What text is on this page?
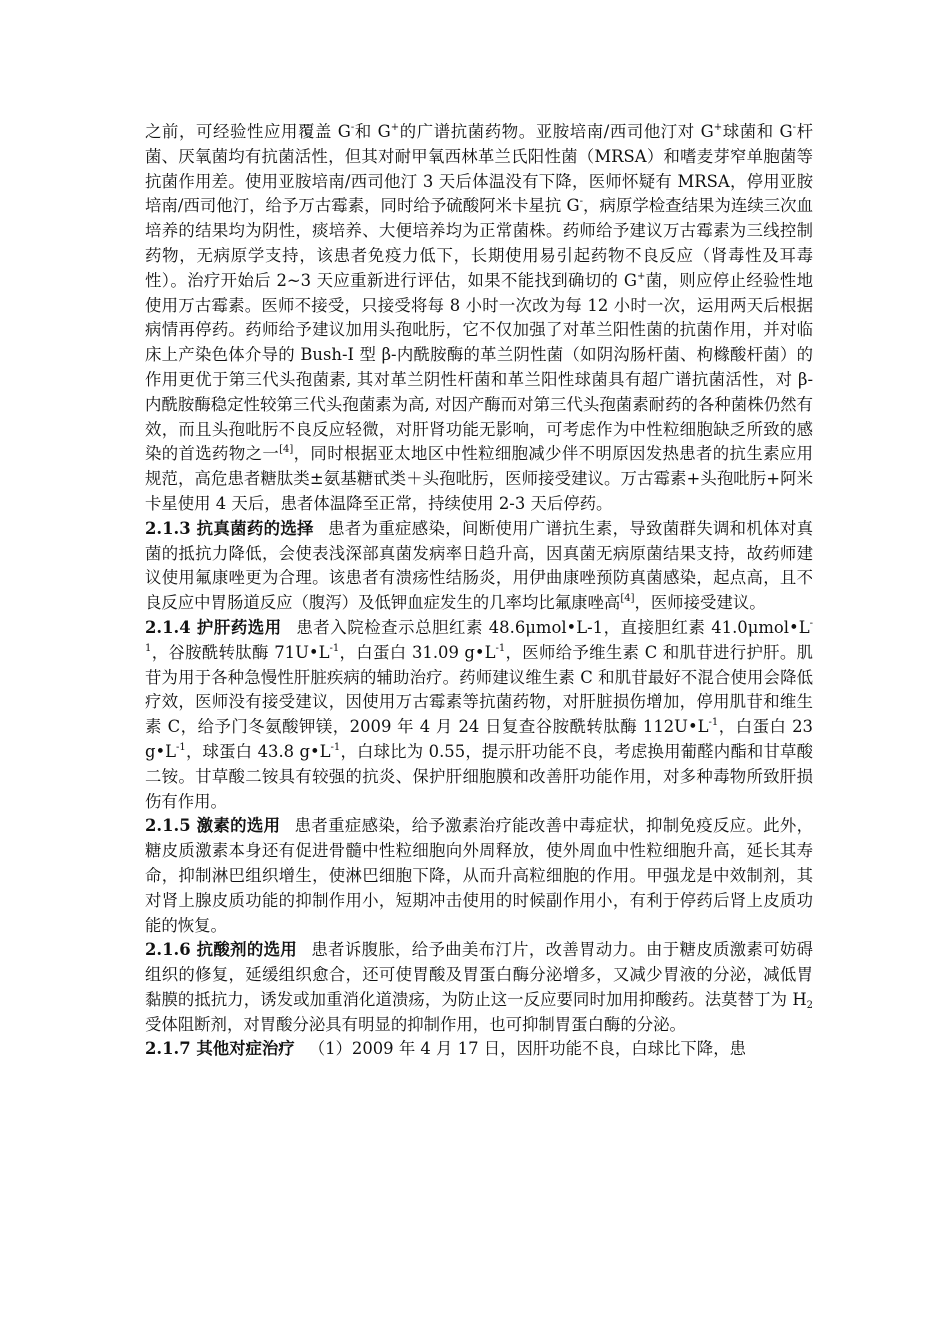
之前，可经验性应用覆盖 G-和 G+的广谱抗菌药物。亚胺培南/西司他汀对 G+球菌和 G-杆菌、厌氧菌均有抗菌活性，但其对耐甲氧西林革兰氏阳性菌（MRSA）和嗜麦芽窄单胞菌等抗菌作用差。使用亚胺培南/西司他汀 3 天后体温没有下降，医师怀疑有 MRSA，停用亚胺培南/西司他汀，给予万古霉素，同时给予硫酸阿米卡星抗 G-，病原学检查结果为连续三次血培养的结果均为阴性，痰培养、大便培养均为正常菌株。药师给予建议万古霉素为三线控制药物，无病原学支持，该患者免疫力低下，长期使用易引起药物不良反应（肾毒性及耳毒性）。治疗开始后 2~3 天应重新进行评估，如果不能找到确切的 G+菌，则应停止经验性地使用万古霉素。医师不接受，只接受将每 8 小时一次改为每 12 小时一次，运用两天后根据病情再停药。药师给予建议加用头孢吡肟，它不仅加强了对革兰阳性菌的抗菌作用，并对临床上产染色体介导的 Bush-I 型 β-内酰胺酶的革兰阴性菌（如阴沟肠杆菌、枸橼酸杆菌）的作用更优于第三代头孢菌素, 其对革兰阴性杆菌和革兰阳性球菌具有超广谱抗菌活性，对 β-内酰胺酶稳定性较第三代头孢菌素为高, 对因产酶而对第三代头孢菌素耐药的各种菌株仍然有效，而且头孢吡肟不良反应轻微，对肝肾功能无影响，可考虑作为中性粒细胞缺乏所致的感染的首选药物之一[4]，同时根据亚太地区中性粒细胞减少伴不明原因发热患者的抗生素应用规范，高危患者糖肽类±氨基糖甙类＋头孢吡肟，医师接受建议。万古霉素+头孢吡肟+阿米卡星使用 4 天后，患者体温降至正常，持续使用 2-3 天后停药。

2.1.3 抗真菌药的选择 患者为重症感染，间断使用广谱抗生素，导致菌群失调和机体对真菌的抵抗力降低，会使表浅深部真菌发病率日趋升高，因真菌无病原菌结果支持，故药师建议使用氟康唑更为合理。该患者有溃疡性结肠炎，用伊曲康唑预防真菌感染，起点高，且不良反应中胃肠道反应（腹泻）及低钾血症发生的几率均比氟康唑高[4]，医师接受建议。

2.1.4 护肝药选用 患者入院检查示总胆红素 48.6μmol•L-1，直接胆红素 $41.0\mu mol•L^{-1}$，谷胺酰转肽酶 $71U•L^{-1}$，白蛋白 31.09 $g•L^{-1}$，医师给予维生素 C 和肌苷进行护肝。肌苷为用于各种急慢性肝脏疾病的辅助治疗。药师建议维生素 C 和肌苷最好不混合使用会降低疗效，医师没有接受建议，因使用万古霉素等抗菌药物，对肝脏损伤增加，停用肌苷和维生素 C，给予门冬氨酸钾镁，2009 年 4 月 24 日复查谷胺酰转肽酶 $112U•L^{-1}$，白蛋白 23 $g•L^{-1}$，球蛋白 43.8 $g•L^{-1}$，白球比为 0.55，提示肝功能不良，考虑换用葡醛内酯和甘草酸二铵。甘草酸二铵具有较强的抗炎、保护肝细胞膜和改善肝功能作用，对多种毒物所致肝损伤有作用。

2.1.5 激素的选用 患者重症感染，给予激素治疗能改善中毒症状，抑制免疫反应。此外，糖皮质激素本身还有促进骨髓中性粒细胞向外周释放，使外周血中性粒细胞升高，延长其寿命，抑制淋巴组织增生，使淋巴细胞下降，从而升高粒细胞的作用。甲强龙是中效制剂，其对肾上腺皮质功能的抑制作用小，短期冲击使用的时候副作用小，有利于停药后肾上皮质功能的恢复。

2.1.6 抗酸剂的选用 患者诉腹胀，给予曲美布汀片，改善胃动力。由于糖皮质激素可妨碍组织的修复，延缓组织愈合，还可使胃酸及胃蛋白酶分泌增多，又减少胃液的分泌，减低胃黏膜的抵抗力，诱发或加重消化道溃疡，为防止这一反应要同时加用抑酸药。法莫替丁为 $H_2$受体阻断剂，对胃酸分泌具有明显的抑制作用，也可抑制胃蛋白酶的分泌。

2.1.7 其他对症治疗 （1）2009 年 4 月 17 日，因肝功能不良，白球比下降，患
